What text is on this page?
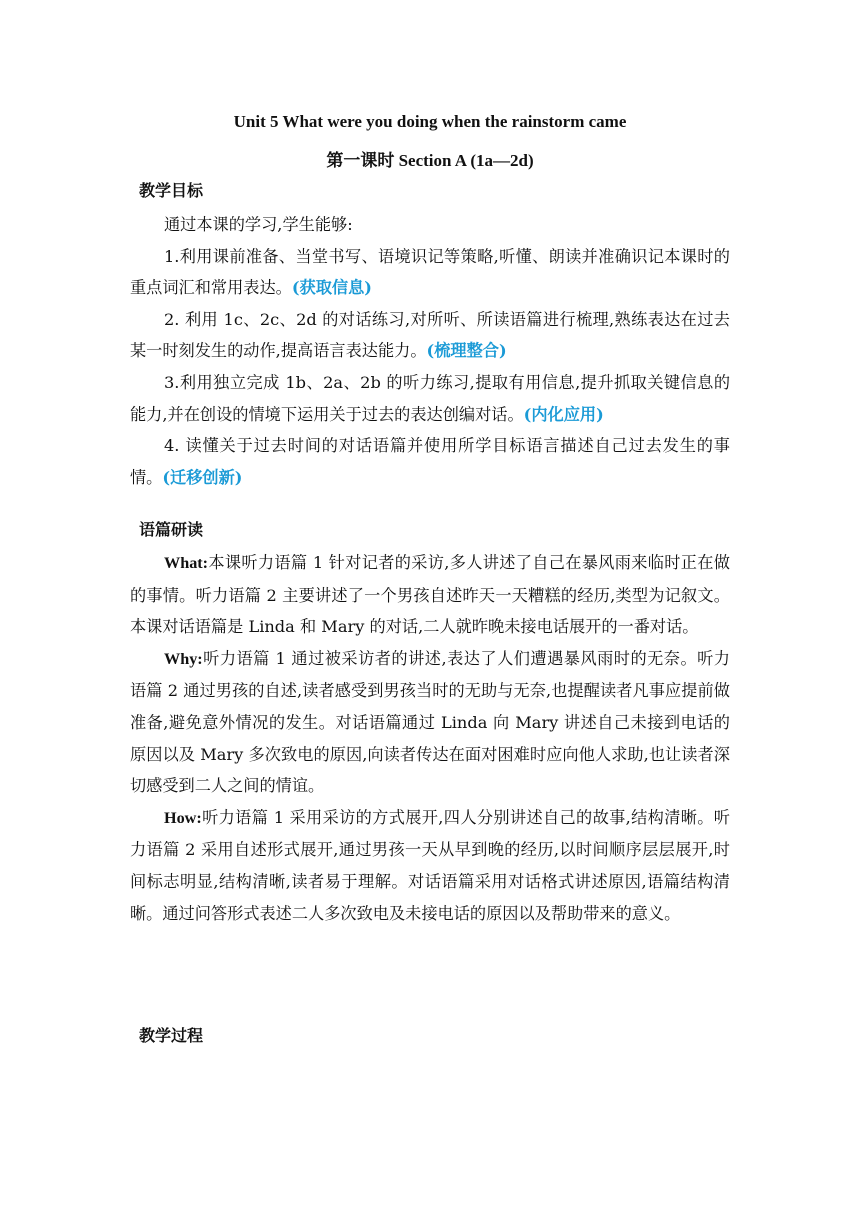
Unit 5 What were you doing when the rainstorm came
第一课时 Section A (1a—2d)
教学目标

通过本课的学习,学生能够:

1.利用课前准备、当堂书写、语境识记等策略,听懂、朗读并准确识记本课时的重点词汇和常用表达。(获取信息)

2. 利用 1c、2c、2d 的对话练习,对所听、所读语篇进行梳理,熟练表达在过去某一时刻发生的动作,提高语言表达能力。(梳理整合)

3.利用独立完成 1b、2a、2b 的听力练习,提取有用信息,提升抓取关键信息的能力,并在创设的情境下运用关于过去的表达创编对话。(内化应用)

4. 读懂关于过去时间的对话语篇并使用所学目标语言描述自己过去发生的事情。(迁移创新)

语篇研读

What:本课听力语篇 1 针对记者的采访,多人讲述了自己在暴风雨来临时正在做的事情。听力语篇 2 主要讲述了一个男孩自述昨天一天糟糕的经历,类型为记叙文。本课对话语篇是 Linda 和 Mary 的对话,二人就昨晚未接电话展开的一番对话。

Why:听力语篇 1 通过被采访者的讲述,表达了人们遭遇暴风雨时的无奈。听力语篇 2 通过男孩的自述,读者感受到男孩当时的无助与无奈,也提醒读者凡事应提前做准备,避免意外情况的发生。对话语篇通过 Linda 向 Mary 讲述自己未接到电话的原因以及 Mary 多次致电的原因,向读者传达在面对困难时应向他人求助,也让读者深切感受到二人之间的情谊。

How:听力语篇 1 采用采访的方式展开,四人分别讲述自己的故事,结构清晰。听力语篇 2 采用自述形式展开,通过男孩一天从早到晚的经历,以时间顺序层层展开,时间标志明显,结构清晰,读者易于理解。对话语篇采用对话格式讲述原因,语篇结构清晰。通过问答形式表述二人多次致电及未接电话的原因以及帮助带来的意义。

教学过程
